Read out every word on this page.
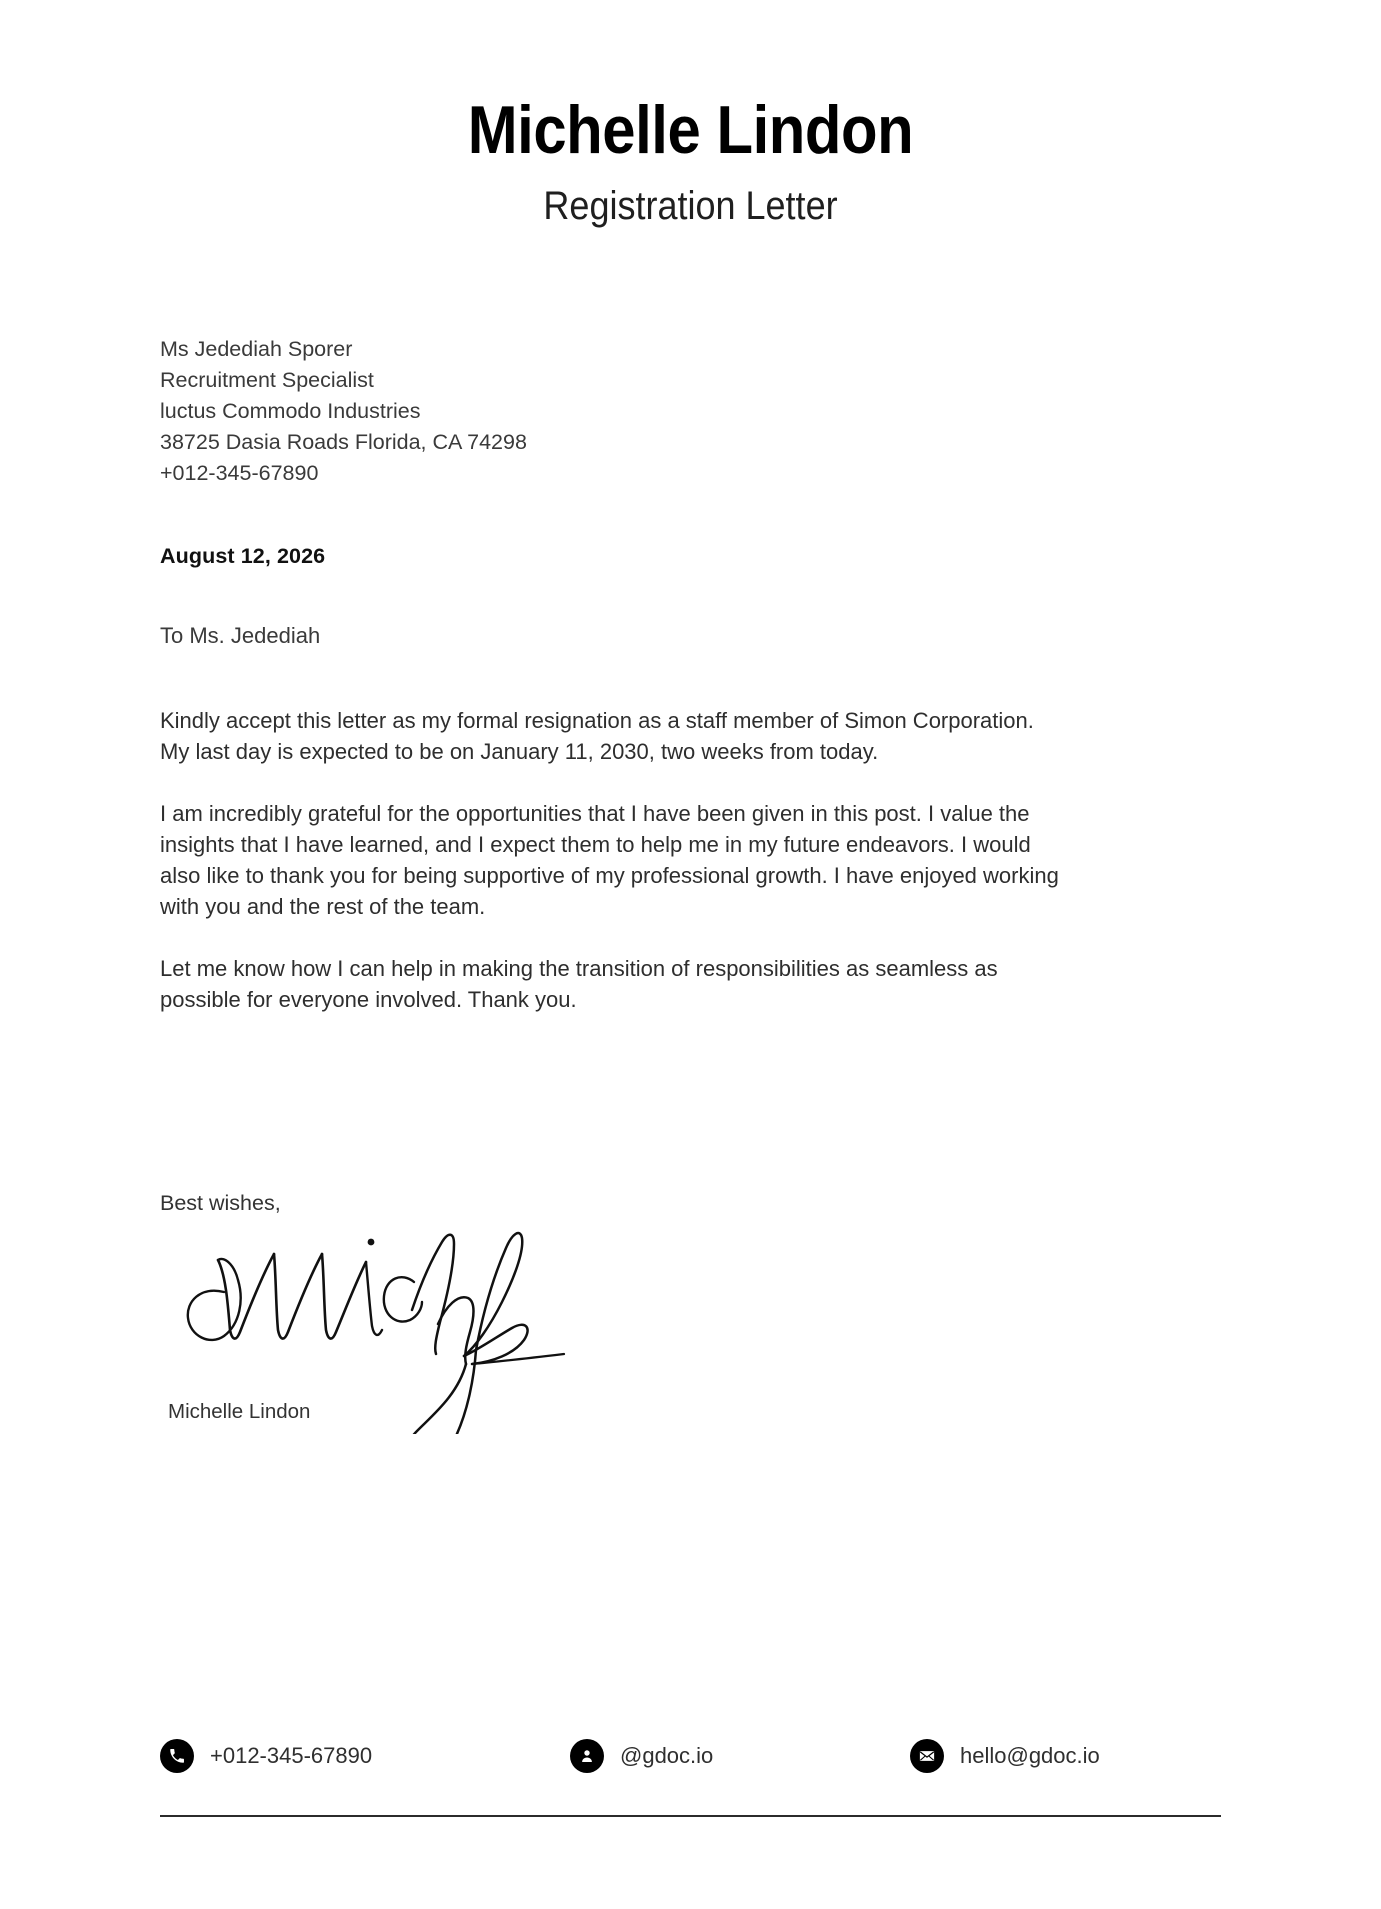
Michelle Lindon
Registration Letter
Ms Jedediah Sporer
Recruitment Specialist
luctus Commodo Industries
38725 Dasia Roads Florida, CA 74298
+012-345-67890
August 12, 2026
To Ms. Jedediah

Kindly accept this letter as my formal resignation as a staff member of Simon Corporation. My last day is expected to be on January 11, 2030, two weeks from today.

I am incredibly grateful for the opportunities that I have been given in this post. I value the insights that I have learned, and I expect them to help me in my future endeavors. I would also like to thank you for being supportive of my professional growth. I have enjoyed working with you and the rest of the team.

Let me know how I can help in making the transition of responsibilities as seamless as possible for everyone involved. Thank you.

Best wishes,
Michelle Lindon
+012-345-67890	@gdoc.io	hello@gdoc.io
